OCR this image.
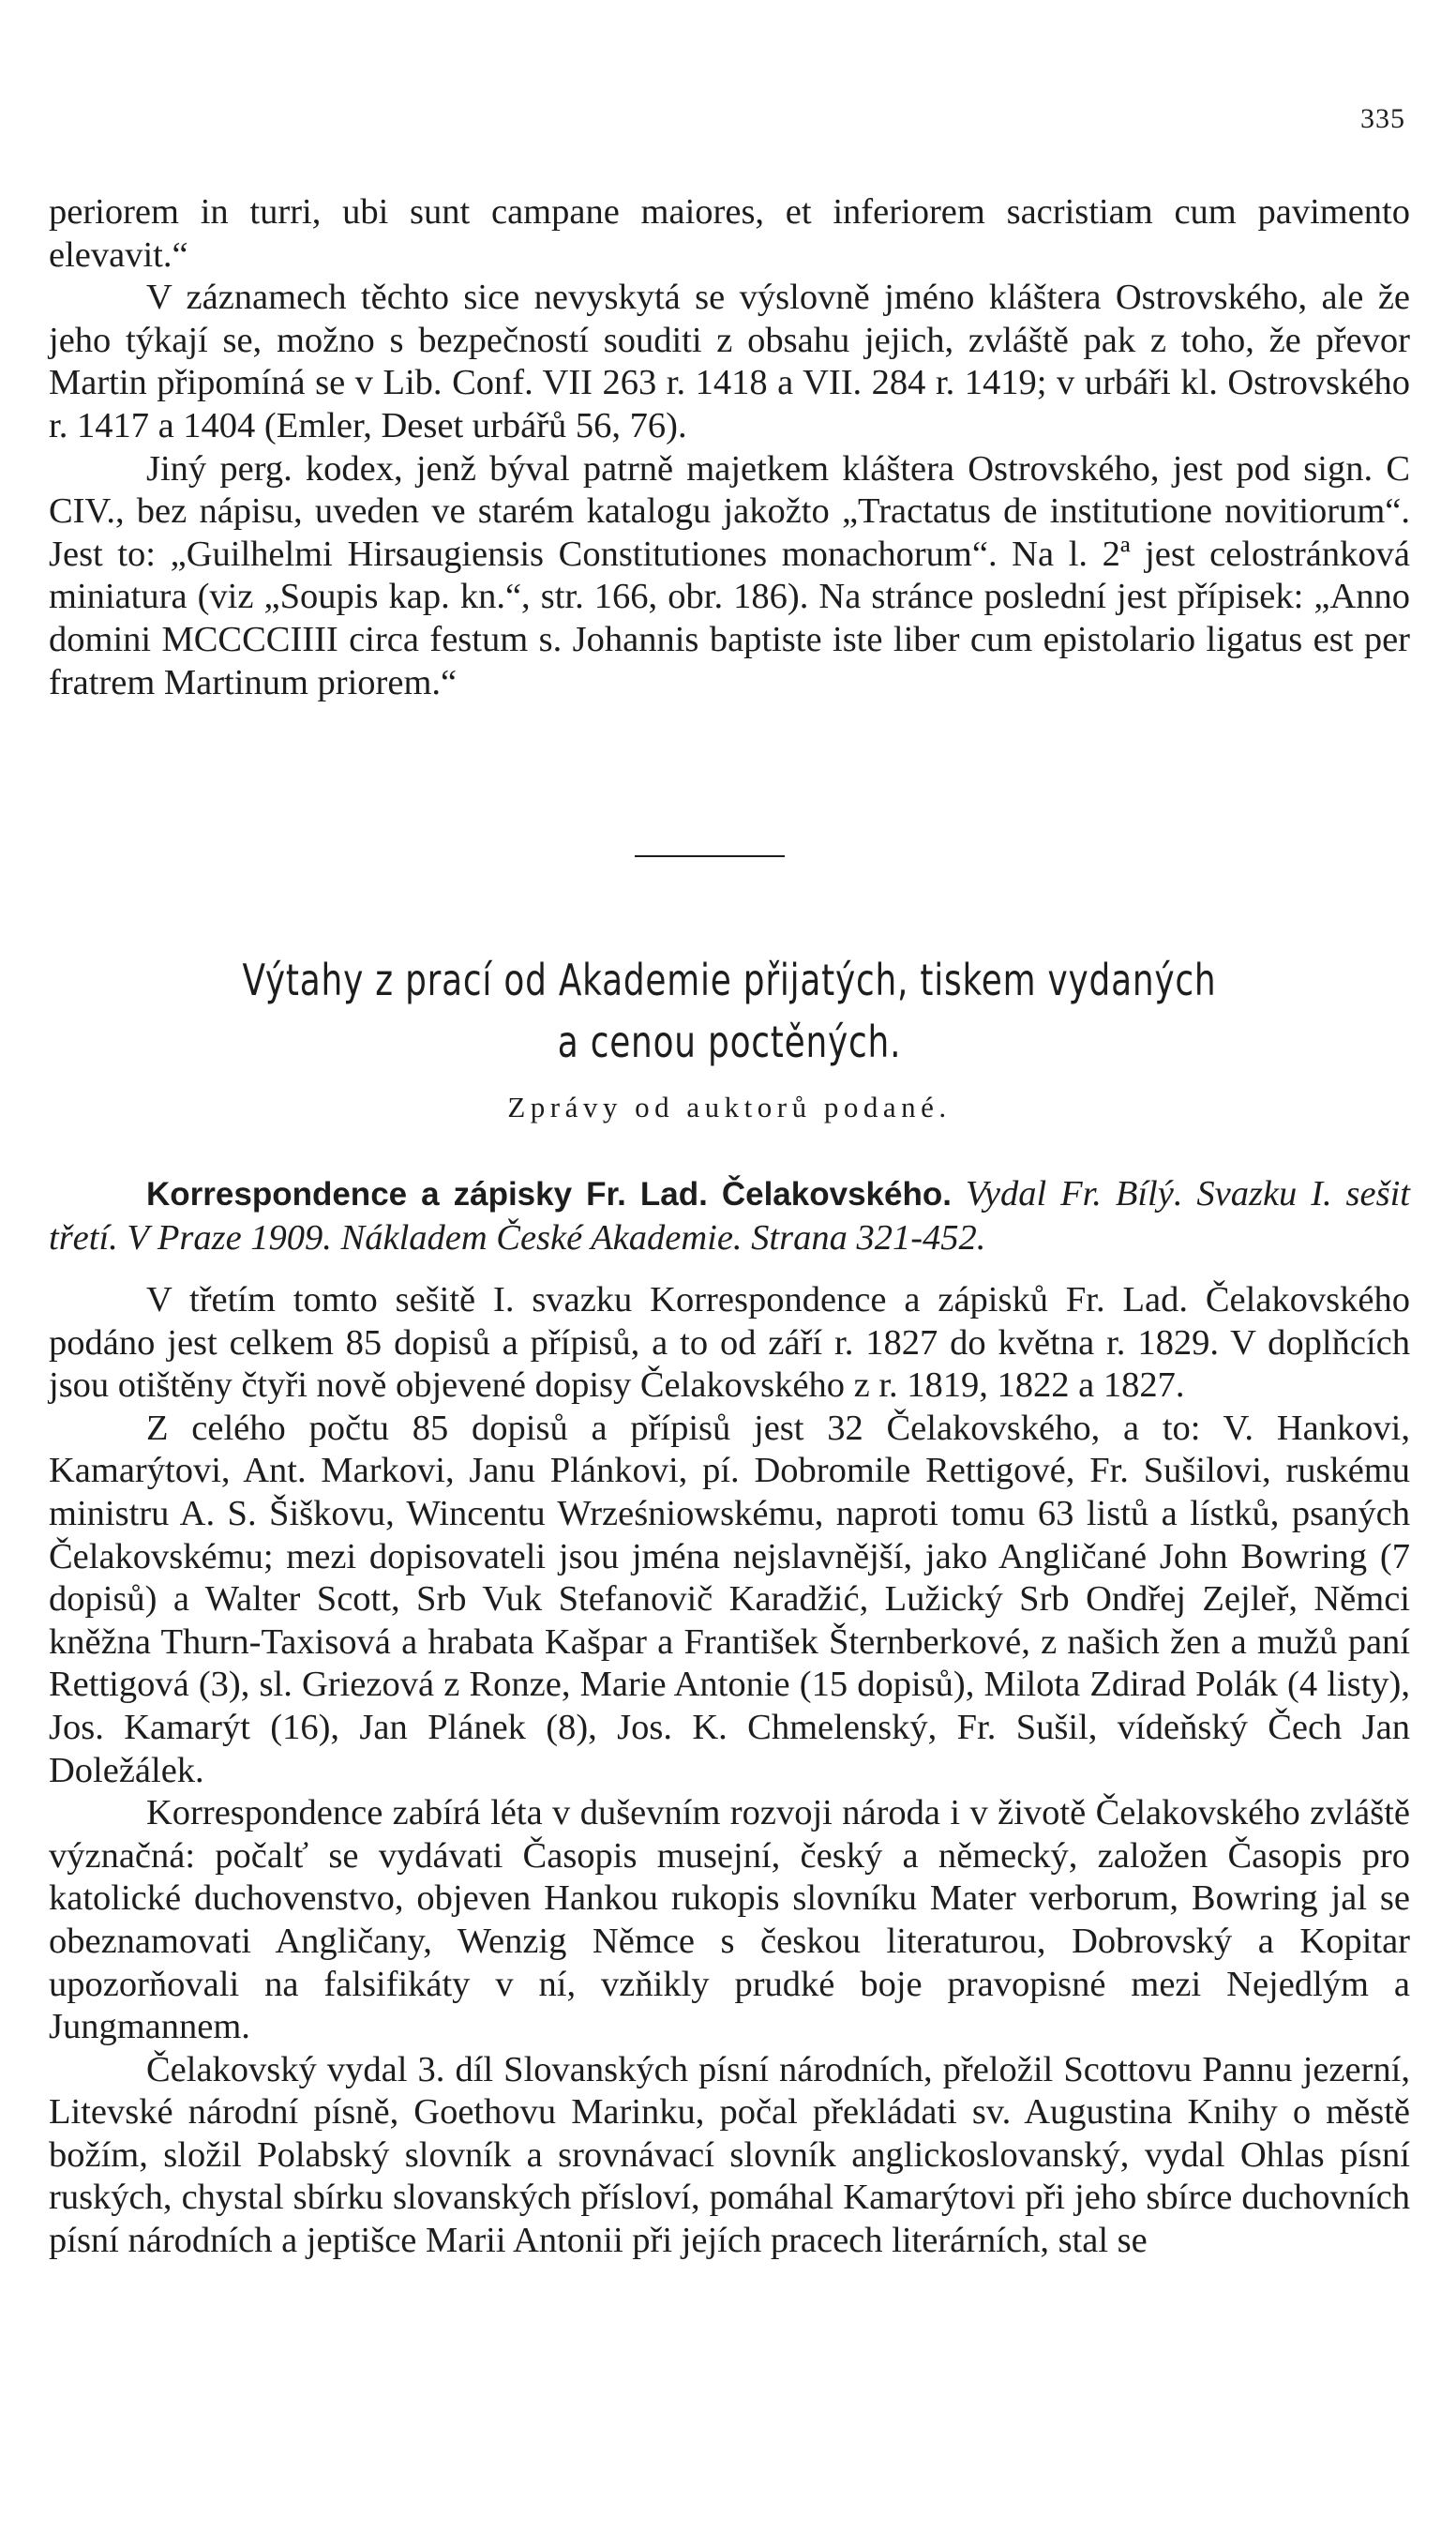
335

periorem in turri, ubi sunt campane maiores, et inferiorem sacristiam cum pavimento elevavit.“

V záznamech těchto sice nevyskytá se výslovně jméno kláštera Ostrovského, ale že jeho týkají se, možno s bezpečností souditi z obsahu jejich, zvláště pak z toho, že převor Martin připomíná se v Lib. Conf. VII 263 r. 1418 a VII. 284 r. 1419; v urbáři kl. Ostrovského r. 1417 a 1404 (Emler, Deset urbářů 56, 76).

Jiný perg. kodex, jenž býval patrně majetkem kláštera Ostrovského, jest pod sign. C CIV., bez nápisu, uveden ve starém katalogu jakožto „Tractatus de institutione novitiorum“. Jest to: „Guilhelmi Hirsaugiensis Constitutiones monachorum“. Na l. 2ª jest celostránková miniatura (viz „Soupis kap. kn.“, str. 166, obr. 186). Na stránce poslední jest přípisek: „Anno domini MCCCCIIII circa festum s. Johannis baptiste iste liber cum epistolario ligatus est per fratrem Martinum priorem.“

Výtahy z prací od Akademie přijatých, tiskem vydaných
a cenou poctěných.
Zprávy od auktorů podané.
Korrespondence a zápisky Fr. Lad. Čelakovského. Vydal Fr. Bílý. Svazku I. sešit třetí. V Praze 1909. Nákladem České Akademie. Strana 321-452.

V třetím tomto sešitě I. svazku Korrespondence a zápisků Fr. Lad. Čelakovského podáno jest celkem 85 dopisů a přípisů, a to od září r. 1827 do května r. 1829. V doplňcích jsou otištěny čtyři nově objevené dopisy Čelakovského z r. 1819, 1822 a 1827.

Z celého počtu 85 dopisů a přípisů jest 32 Čelakovského, a to: V. Hankovi, Kamarýtovi, Ant. Markovi, Janu Plánkovi, pí. Dobromile Rettigové, Fr. Sušilovi, ruskému ministru A. S. Šiškovu, Wincentu Wrześniowskému, naproti tomu 63 listů a lístků, psaných Čelakovskému; mezi dopisovateli jsou jména nejslavnější, jako Angličané John Bowring (7 dopisů) a Walter Scott, Srb Vuk Stefanovič Karadžić, Lužický Srb Ondřej Zejleř, Němci kněžna Thurn-Taxisová a hrabata Kašpar a František Šternberkové, z našich žen a mužů paní Rettigová (3), sl. Griezová z Ronze, Marie Antonie (15 dopisů), Milota Zdirad Polák (4 listy), Jos. Kamarýt (16), Jan Plánek (8), Jos. K. Chmelenský, Fr. Sušil, vídeňský Čech Jan Doležálek.

Korrespondence zabírá léta v duševním rozvoji národa i v životě Čelakovského zvláště význačná: počalť se vydávati Časopis musejní, český a německý, založen Časopis pro katolické duchovenstvo, objeven Hankou rukopis slovníku Mater verborum, Bowring jal se obeznamovati Angličany, Wenzig Němce s českou literaturou, Dobrovský a Kopitar upozorňovali na falsifikáty v ní, vzňikly prudké boje pravopisné mezi Nejedlým a Jungmannem.

Čelakovský vydal 3. díl Slovanských písní národních, přeložil Scottovu Pannu jezerní, Litevské národní písně, Goethovu Marinku, počal překládati sv. Augustina Knihy o městě božím, složil Polabský slovník a srovnávací slovník anglickoslovanský, vydal Ohlas písní ruských, chystal sbírku slovanských přísloví, pomáhal Kamarýtovi při jeho sbírce duchovních písní národních a jeptišce Marii Antonii při jejích pracech literárních, stal se
